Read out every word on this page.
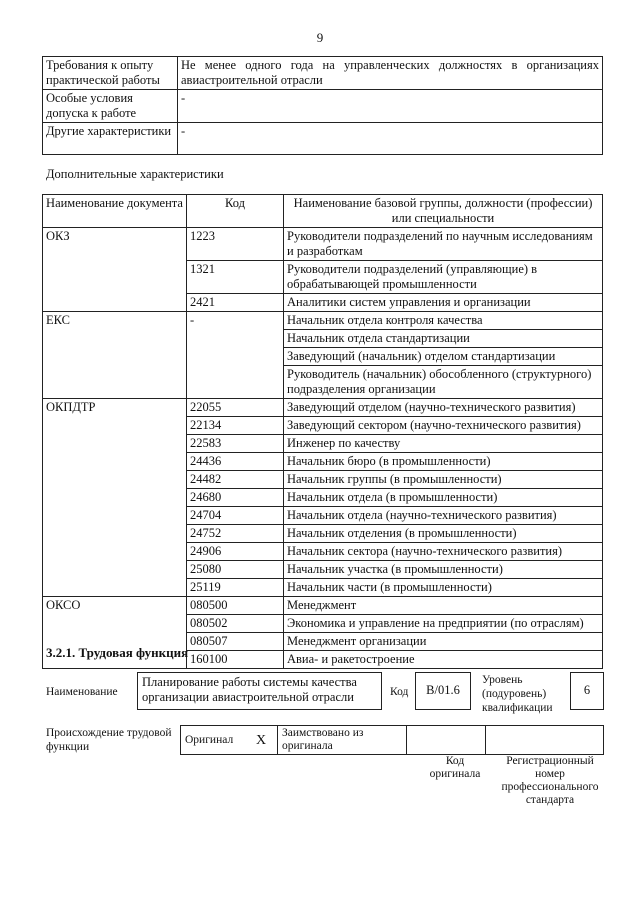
9
Требования к опыту практической работы	Не менее одного года на управленческих должностях в организациях авиастроительной отрасли
Особые условия допуска к работе	-
Другие характеристики	-
Дополнительные характеристики
Наименование документа	Код	Наименование базовой группы, должности (профессии) или специальности
ОКЗ	1223	Руководители подразделений по научным исследованиям и разработкам
	1321	Руководители подразделений (управляющие) в обрабатывающей промышленности
	2421	Аналитики систем управления и организации
ЕКС	-	Начальник отдела контроля качества
		Начальник отдела стандартизации
		Заведующий (начальник) отделом стандартизации
		Руководитель (начальник) обособленного (структурного) подразделения организации
ОКПДТР	22055	Заведующий отделом (научно-технического развития)
	22134	Заведующий сектором (научно-технического развития)
	22583	Инженер по качеству
	24436	Начальник бюро (в промышленности)
	24482	Начальник группы (в промышленности)
	24680	Начальник отдела (в промышленности)
	24704	Начальник отдела (научно-технического развития)
	24752	Начальник отделения (в промышленности)
	24906	Начальник сектора (научно-технического развития)
	25080	Начальник участка (в промышленности)
	25119	Начальник части (в промышленности)
ОКСО	080500	Менеджмент
	080502	Экономика и управление на предприятии (по отраслям)
	080507	Менеджмент организации
	160100	Авиа- и ракетостроение
3.2.1. Трудовая функция
Наименование
Планирование работы системы качества организации авиастроительной отрасли	Код	B/01.6
Уровень (подуровень) квалификации
6
Происхождение трудовой функции
Оригинал	X	Заимствовано из оригинала		
Код оригинала
Регистрационный номер профессионального стандарта
